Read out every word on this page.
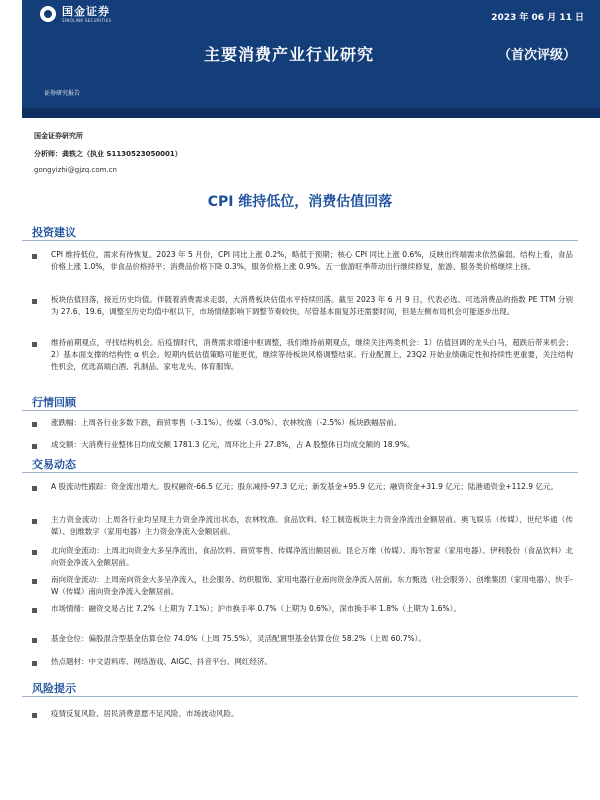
国金证券
SINOLINK SECURITIES	2023 年 06 月 11 日
主要消费产业行业研究	（首次评级）
证券研究报告
国金证券研究所
分析师：龚轶之（执业 S1130523050001）
gongyizhi@gjzq.com.cn
CPI 维持低位，消费估值回落
投资建议
CPI 维持低位，需求有待恢复。2023 年 5 月份，CPI 同比上涨 0.2%，略低于预期；核心 CPI 同比上涨 0.6%，反映出终端需求依然偏弱。结构上看，食品价格上涨 1.0%，非食品价格持平；消费品价格下降 0.3%，服务价格上涨 0.9%。五一旅游旺季带动出行继续修复，旅游、服务类价格继续上扬。
板块估值回落，接近历史均值。伴随着消费需求走弱，大消费板块估值水平持续回落。截至 2023 年 6 月 9 日，代表必选、可选消费品的指数 PE TTM 分别为 27.6、19.6，调整至历史均值中枢以下，市场情绪影响下调整节奏较快。尽管基本面复苏还需要时间，但是左侧布局机会可能逐步出现。
维持前期观点，寻找结构机会。后疫情时代，消费需求增速中枢调整，我们维持前期观点，继续关注两类机会：1）估值回调的龙头白马，超跌后带来机会；2）基本面支撑的结构性 α 机会。短期内低估值策略可能更优，继续等待板块风格调整结束。行业配置上，23Q2 开始业绩确定性和持续性更重要，关注结构性机会，优选高端白酒、乳制品、家电龙头、体育服饰。
行情回顾
涨跌幅：上周各行业多数下跌，商贸零售（-3.1%）、传媒（-3.0%）、农林牧渔（-2.5%）板块跌幅居前。
成交额：大消费行业整体日均成交额 1781.3 亿元，周环比上升 27.8%，占 A 股整体日均成交额的 18.9%。
交易动态
A 股流动性跟踪：资金流出增大。股权融资-66.5 亿元；股东减持-97.3 亿元；新发基金+95.9 亿元；融资资金+31.9 亿元；陆港通资金+112.9 亿元。
主力资金流动：上周各行业均呈现主力资金净流出状态，农林牧渔、食品饮料、轻工制造板块主力资金净流出金额居前。奥飞娱乐（传媒）、世纪华通（传媒）、创维数字（家用电器）主力资金净流入金额居前。
北向资金流动：上周北向资金大多呈净流出，食品饮料、商贸零售、传媒净流出额居前。昆仑万维（传媒）、海尔智家（家用电器）、伊利股份（食品饮料）北向资金净流入金额居前。
南向资金流动：上周南向资金大多呈净流入，社会服务、纺织服饰、家用电器行业南向资金净流入居前。东方甄选（社会服务）、创维集团（家用电器）、快手-W（传媒）南向资金净流入金额居前。
市场情绪：融资交易占比 7.2%（上期为 7.1%）；沪市换手率 0.7%（上期为 0.6%），深市换手率 1.8%（上期为 1.6%）。
基金仓位：偏股混合型基金估算仓位 74.0%（上周 75.5%），灵活配置型基金估算仓位 58.2%（上周 60.7%）。
热点题材：中文语料库、网络游戏、AIGC、抖音平台、网红经济。
风险提示
疫情反复风险、居民消费意愿不足风险、市场波动风险。
